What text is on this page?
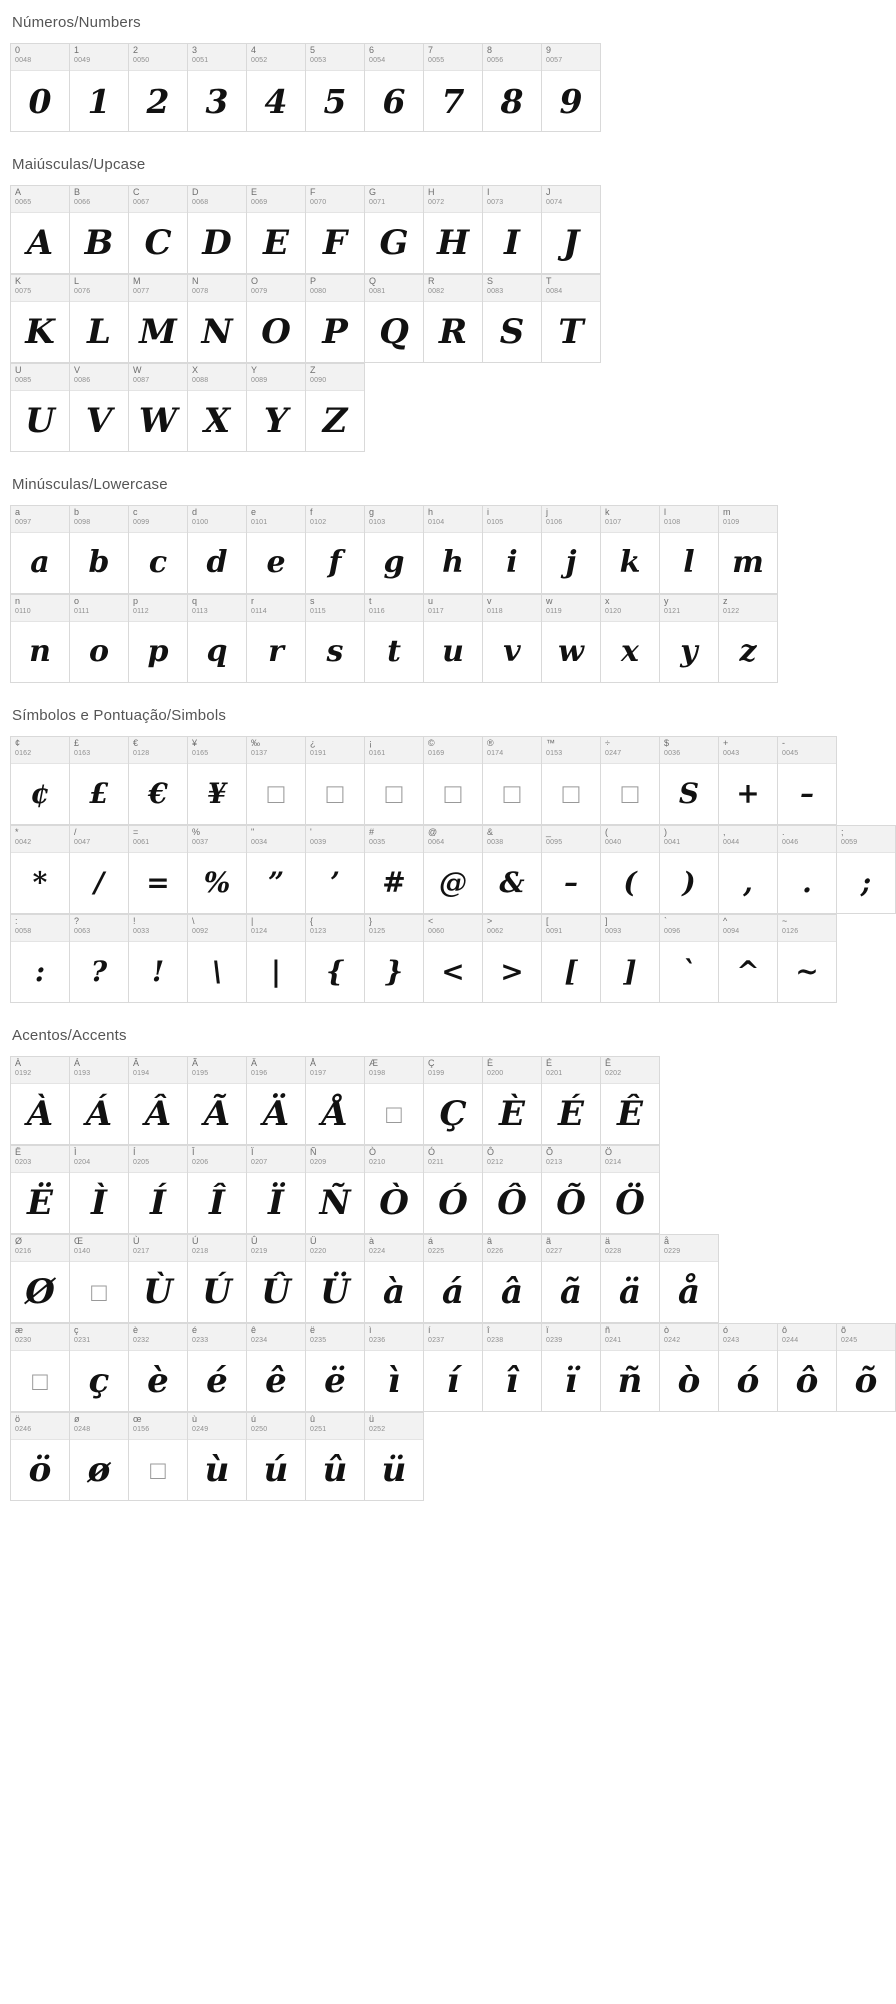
Números/Numbers
0
0048
0
1
0049
1
2
0050
2
3
0051
3
4
0052
4
5
0053
5
6
0054
6
7
0055
7
8
0056
8
9
0057
9
Maiúsculas/Upcase
A
0065
A
B
0066
B
C
0067
C
D
0068
D
E
0069
E
F
0070
F
G
0071
G
H
0072
H
I
0073
I
J
0074
J
K
0075
K
L
0076
L
M
0077
M
N
0078
N
O
0079
O
P
0080
P
Q
0081
Q
R
0082
R
S
0083
S
T
0084
T
U
0085
U
V
0086
V
W
0087
W
X
0088
X
Y
0089
Y
Z
0090
Z
Minúsculas/Lowercase
a
0097
a
b
0098
b
c
0099
c
d
0100
d
e
0101
e
f
0102
f
g
0103
g
h
0104
h
i
0105
i
j
0106
j
k
0107
k
l
0108
l
m
0109
m
n
0110
n
o
0111
o
p
0112
p
q
0113
q
r
0114
r
s
0115
s
t
0116
t
u
0117
u
v
0118
v
w
0119
w
x
0120
x
y
0121
y
z
0122
z
Símbolos e Pontuação/Simbols
¢
0162
¢
£
0163
£
€
0128
€
¥
0165
¥
‰
0137
□
¿
0191
□
¡
0161
□
©
0169
□
®
0174
□
™
0153
□
÷
0247
□
$
0036
S
+
0043
+
-
0045
–
*
0042
*
/
0047
/
=
0061
=
%
0037
%
"
0034
”
'
0039
’
#
0035
#
@
0064
@
&
0038
&
_
0095
–
(
0040
(
)
0041
)
,
0044
,
.
0046
.
;
0059
;
:
0058
:
?
0063
?
!
0033
!
\
0092
\
|
0124
|
{
0123
{
}
0125
}
<
0060
<
>
0062
>
[
0091
[
]
0093
]
`
0096
`
^
0094
^
~
0126
~
Acentos/Accents
À
0192
À
Á
0193
Á
Â
0194
Â
Ã
0195
Ã
Ä
0196
Ä
Å
0197
Å
Æ
0198
□
Ç
0199
Ç
È
0200
È
É
0201
É
Ê
0202
Ê
Ë
0203
Ë
Ì
0204
Ì
Í
0205
Í
Î
0206
Î
Ï
0207
Ï
Ñ
0209
Ñ
Ò
0210
Ò
Ó
0211
Ó
Ô
0212
Ô
Õ
0213
Õ
Ö
0214
Ö
Ø
0216
Ø
Œ
0140
□
Ù
0217
Ù
Ú
0218
Ú
Û
0219
Û
Ü
0220
Ü
à
0224
à
á
0225
á
â
0226
â
ã
0227
ã
ä
0228
ä
å
0229
å
æ
0230
□
ç
0231
ç
è
0232
è
é
0233
é
ê
0234
ê
ë
0235
ë
ì
0236
ì
í
0237
í
î
0238
î
ï
0239
ï
ñ
0241
ñ
ò
0242
ò
ó
0243
ó
ô
0244
ô
õ
0245
õ
ö
0246
ö
ø
0248
ø
œ
0156
□
ù
0249
ù
ú
0250
ú
û
0251
û
ü
0252
ü
